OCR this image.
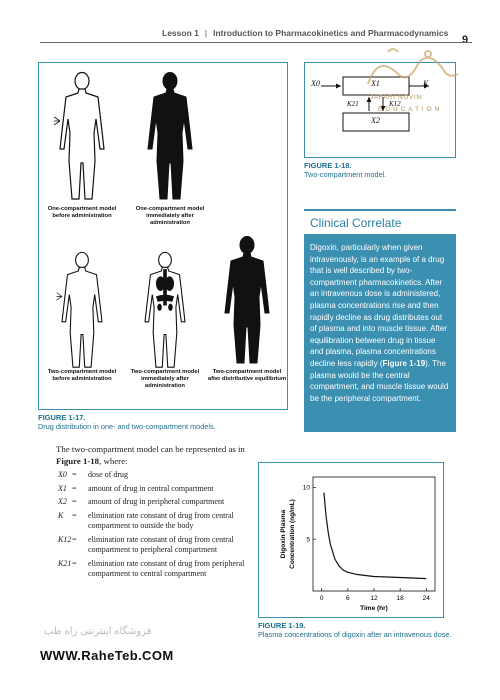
Lesson 1 | Introduction to Pharmacokinetics and Pharmacodynamics
9
One-compartment model before administration
One-compartment model immediately after administration
Two-compartment model before administration
Two-compartment model immediately after administration
Two-compartment model after distributive equilibrium
FIGURE 1-17.
Drug distribution in one- and two-compartment models.
X0	X1	K
K21	K12
X2
FIGURE 1-18.
Two-compartment model.
Clinical Correlate

Digoxin, particularly when given intravenously, is an example of a drug that is well described by two-compartment pharmacokinetics. After an intravenous dose is administered, plasma concentrations rise and then rapidly decline as drug distributes out of plasma and into muscle tissue. After equilibration between drug in tissue and plasma, plasma concentrations decline less rapidly (Figure 1-19). The plasma would be the central compartment, and muscle tissue would be the peripheral compartment.

The two-compartment model can be represented as in Figure 1-18, where:

X0 = dose of drug
X1 = amount of drug in central compartment
X2 = amount of drug in peripheral compartment
K = elimination rate constant of drug from central compartment to outside the body
K12 = elimination rate constant of drug from central compartment to peripheral compartment
K21 = elimination rate constant of drug from peripheral compartment to central compartment
0	6	12	18	24
5
10
Time (hr)
Digoxin Plasma Concentration (ng/mL)
FIGURE 1-19.
Plasma concentrations of digoxin after an intravenous dose.
JAFARI NOVIN
E D U C A T I O N
فروشگاه اینترنتی راه طب
WWW.RaheTeb.COM
